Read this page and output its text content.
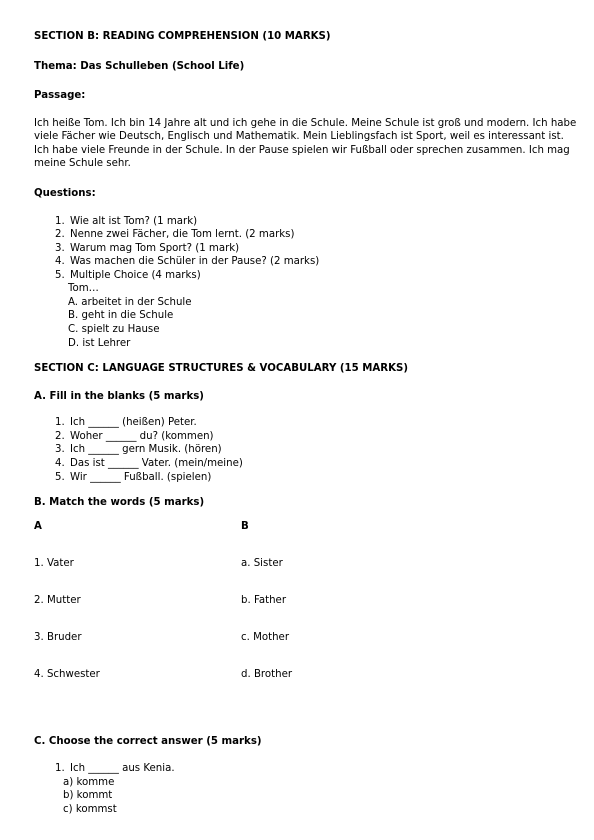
SECTION B: READING COMPREHENSION (10 MARKS)

Thema: Das Schulleben (School Life)

Passage:

Ich heiße Tom. Ich bin 14 Jahre alt und ich gehe in die Schule. Meine Schule ist groß und modern. Ich habe viele Fächer wie Deutsch, Englisch und Mathematik. Mein Lieblingsfach ist Sport, weil es interessant ist. Ich habe viele Freunde in der Schule. In der Pause spielen wir Fußball oder sprechen zusammen. Ich mag meine Schule sehr.

Questions:

1. Wie alt ist Tom? (1 mark)
2. Nenne zwei Fächer, die Tom lernt. (2 marks)
3. Warum mag Tom Sport? (1 mark)
4. Was machen die Schüler in der Pause? (2 marks)
5. Multiple Choice (4 marks)
Tom…
A. arbeitet in der Schule
B. geht in die Schule
C. spielt zu Hause
D. ist Lehrer

SECTION C: LANGUAGE STRUCTURES & VOCABULARY (15 MARKS)

A. Fill in the blanks (5 marks)

1. Ich ______ (heißen) Peter.
2. Woher ______ du? (kommen)
3. Ich ______ gern Musik. (hören)
4. Das ist ______ Vater. (mein/meine)
5. Wir ______ Fußball. (spielen)

B. Match the words (5 marks)

A	B
1. Vater	a. Sister
2. Mutter	b. Father
3. Bruder	c. Mother
4. Schwester	d. Brother

C. Choose the correct answer (5 marks)

1. Ich ______ aus Kenia.
a) komme
b) kommt
c) kommst
